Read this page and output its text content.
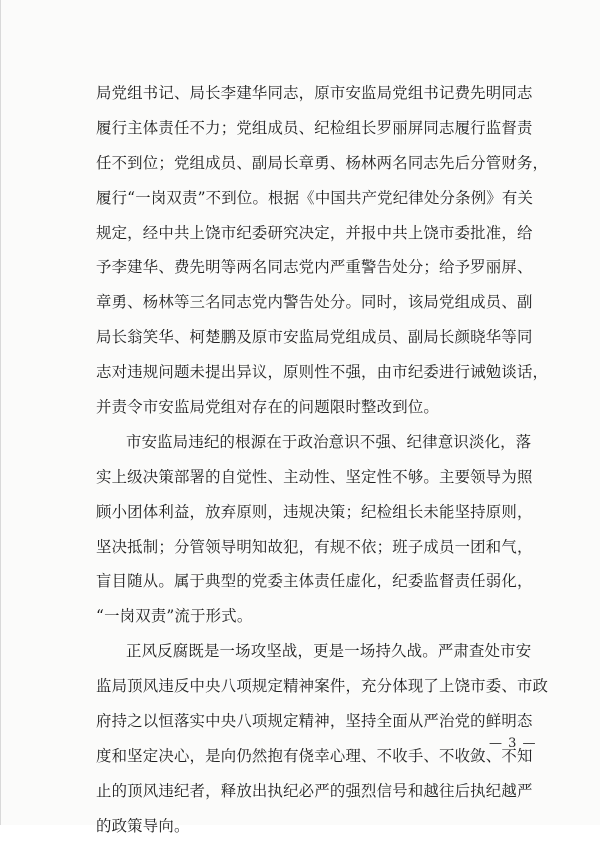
局党组书记、局长李建华同志，原市安监局党组书记费先明同志
履行主体责任不力；党组成员、纪检组长罗丽屏同志履行监督责
任不到位；党组成员、副局长章勇、杨林两名同志先后分管财务，
履行“一岗双责”不到位。根据《中国共产党纪律处分条例》有关
规定，经中共上饶市纪委研究决定，并报中共上饶市委批准，给
予李建华、费先明等两名同志党内严重警告处分；给予罗丽屏、
章勇、杨林等三名同志党内警告处分。同时，该局党组成员、副
局长翁笑华、柯楚鹏及原市安监局党组成员、副局长颜晓华等同
志对违规问题未提出异议，原则性不强，由市纪委进行诫勉谈话，
并责令市安监局党组对存在的问题限时整改到位。
市安监局违纪的根源在于政治意识不强、纪律意识淡化，落
实上级决策部署的自觉性、主动性、坚定性不够。主要领导为照
顾小团体利益，放弃原则，违规决策；纪检组长未能坚持原则，
坚决抵制；分管领导明知故犯，有规不依；班子成员一团和气，
盲目随从。属于典型的党委主体责任虚化，纪委监督责任弱化，
“一岗双责”流于形式。
正风反腐既是一场攻坚战，更是一场持久战。严肃查处市安
监局顶风违反中央八项规定精神案件，充分体现了上饶市委、市政
府持之以恒落实中央八项规定精神，坚持全面从严治党的鲜明态
度和坚定决心，是向仍然抱有侥幸心理、不收手、不收敛、不知
止的顶风违纪者，释放出执纪必严的强烈信号和越往后执纪越严
的政策导向。
— 3 —
